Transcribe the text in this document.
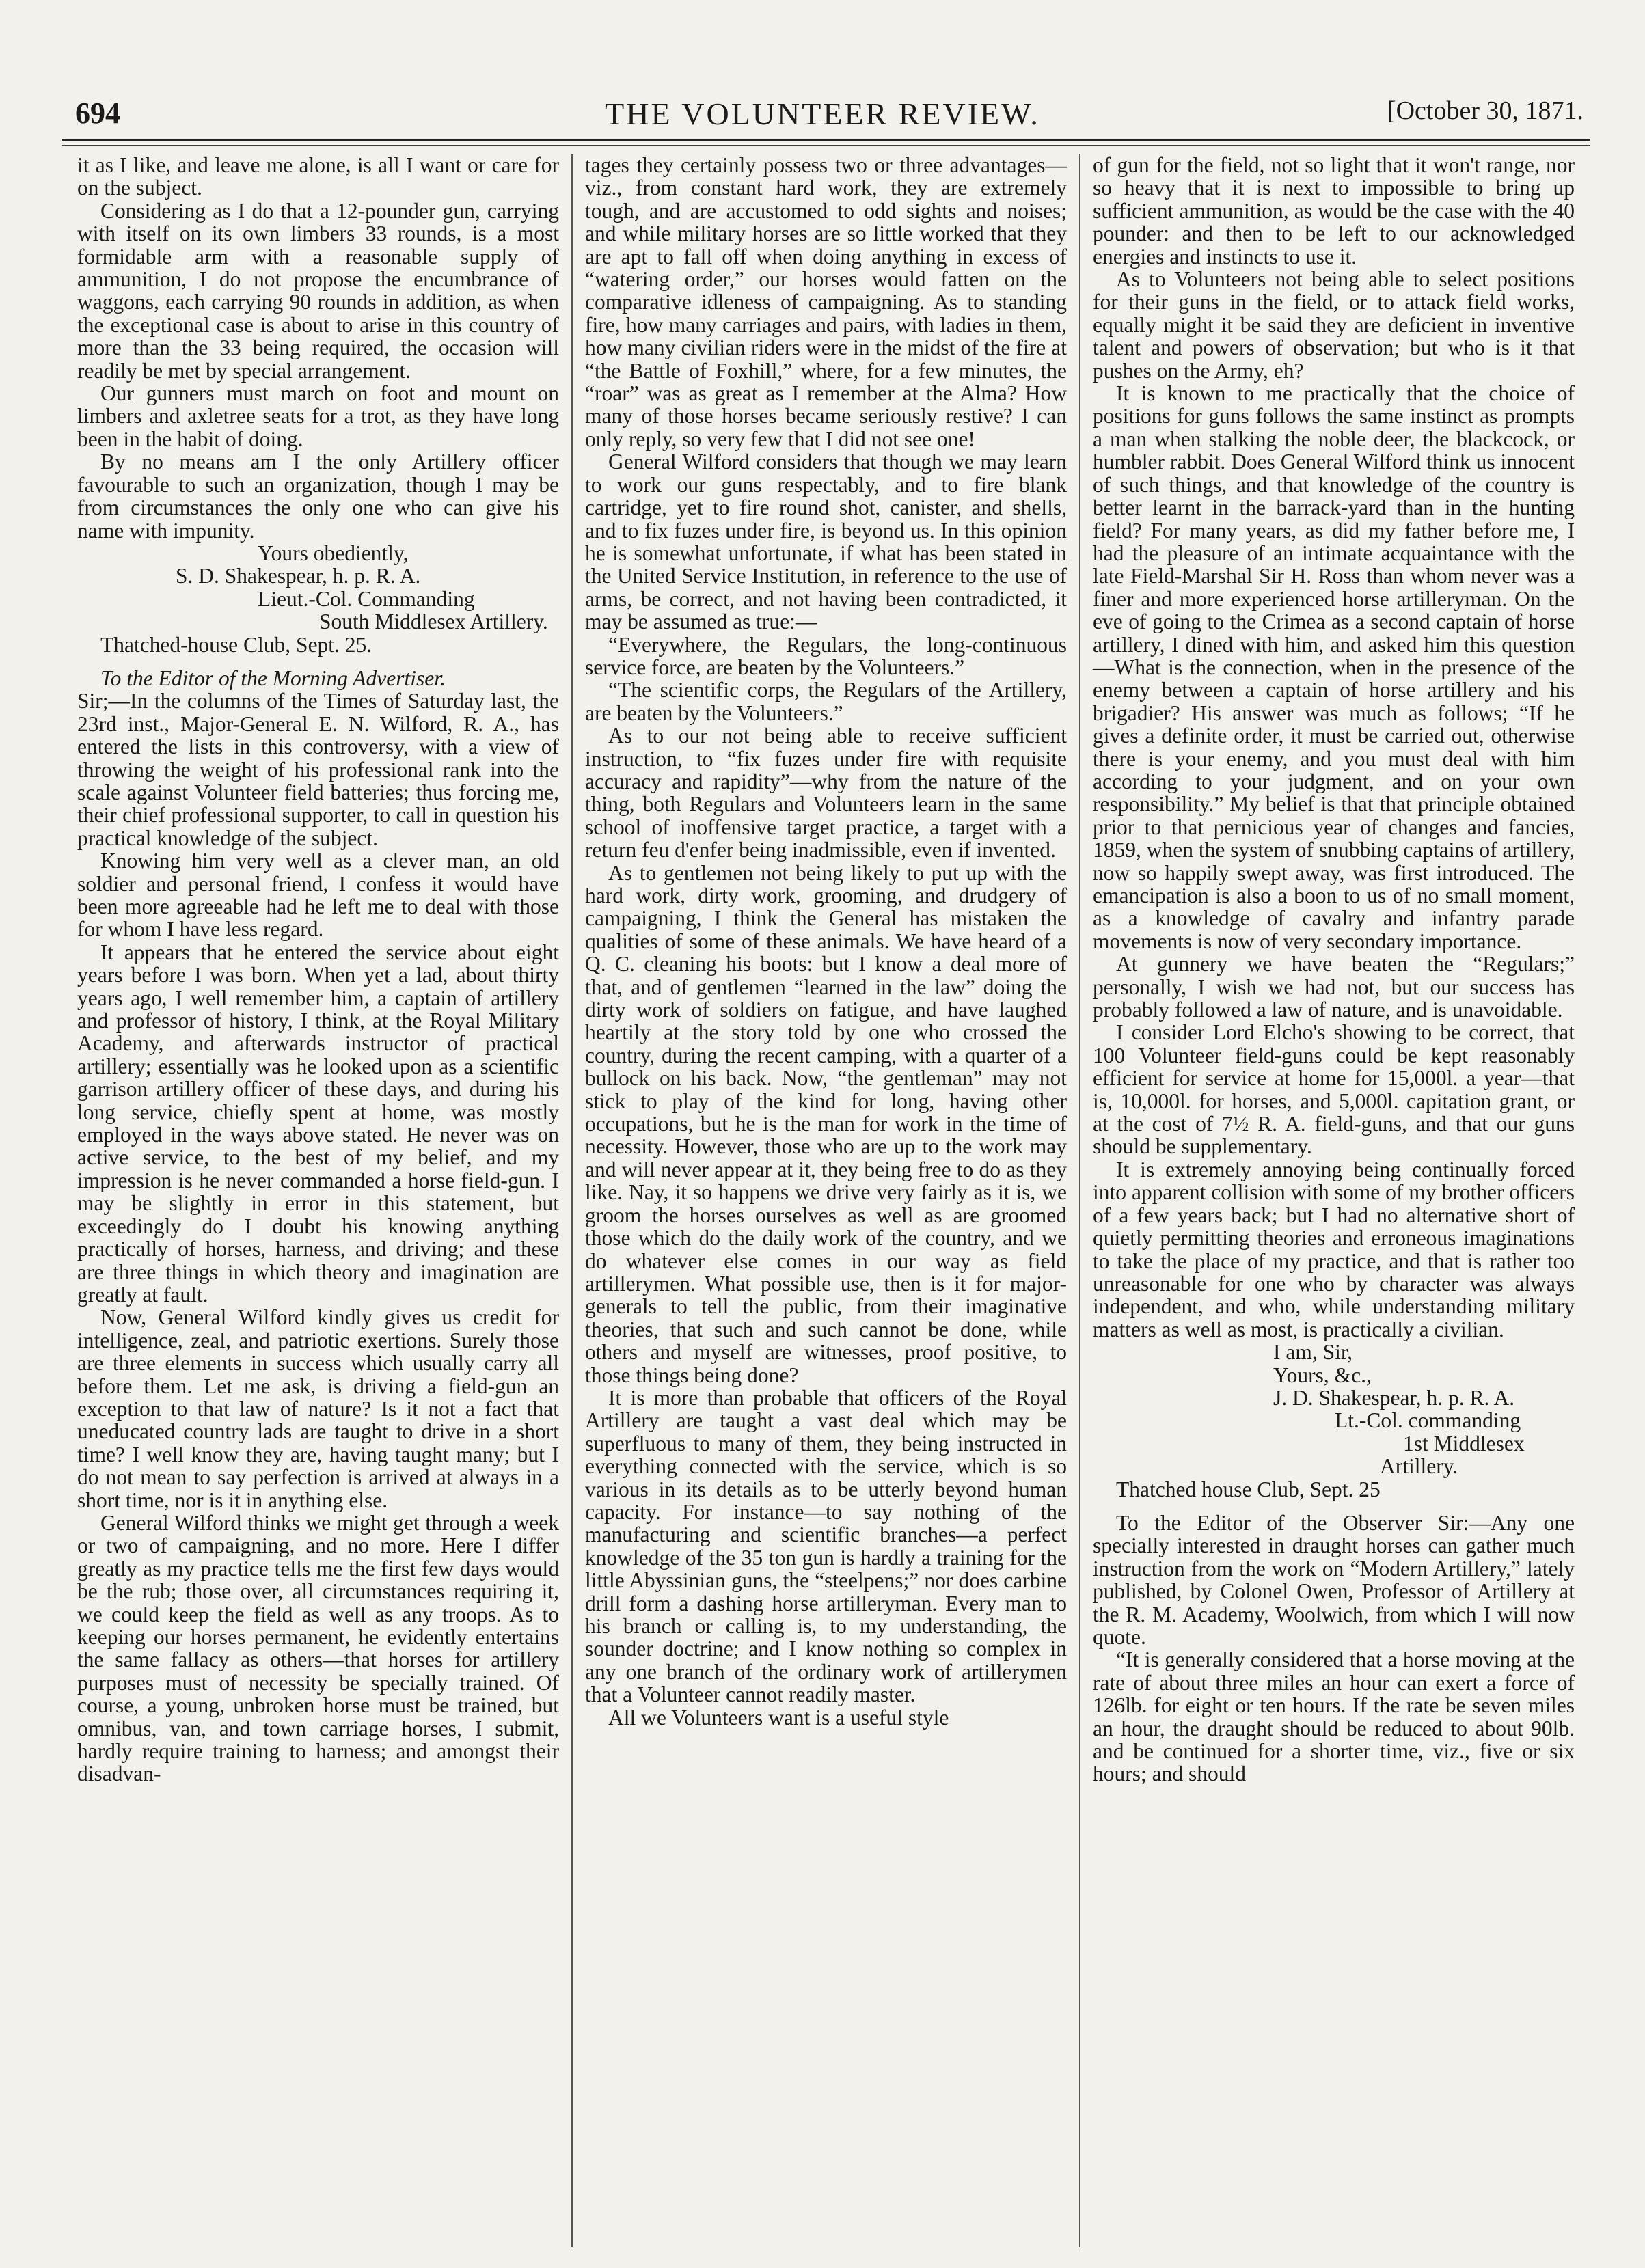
694	THE VOLUNTEER REVIEW.	[October 30, 1871.

it as I like, and leave me alone, is all I want or care for on the subject.

Considering as I do that a 12-pounder gun, carrying with itself on its own limbers 33 rounds, is a most formidable arm with a reasonable supply of ammunition, I do not propose the encumbrance of waggons, each carrying 90 rounds in addition, as when the exceptional case is about to arise in this country of more than the 33 being required, the occasion will readily be met by special arrangement.

Our gunners must march on foot and mount on limbers and axletree seats for a trot, as they have long been in the habit of doing.

By no means am I the only Artillery officer favourable to such an organization, though I may be from circumstances the only one who can give his name with impunity.

Yours obediently,

S. D. Shakespear, h. p. R. A.

Lieut.-Col. Commanding

South Middlesex Artillery.

Thatched-house Club, Sept. 25.

To the Editor of the Morning Advertiser.

Sir;—In the columns of the Times of Saturday last, the 23rd inst., Major-General E. N. Wilford, R. A., has entered the lists in this controversy, with a view of throwing the weight of his professional rank into the scale against Volunteer field batteries; thus forcing me, their chief professional supporter, to call in question his practical knowledge of the subject.

Knowing him very well as a clever man, an old soldier and personal friend, I confess it would have been more agreeable had he left me to deal with those for whom I have less regard.

It appears that he entered the service about eight years before I was born. When yet a lad, about thirty years ago, I well remember him, a captain of artillery and professor of history, I think, at the Royal Military Academy, and afterwards instructor of practical artillery; essentially was he looked upon as a scientific garrison artillery officer of these days, and during his long service, chiefly spent at home, was mostly employed in the ways above stated. He never was on active service, to the best of my belief, and my impression is he never commanded a horse field-gun. I may be slightly in error in this statement, but exceedingly do I doubt his knowing anything practically of horses, harness, and driving; and these are three things in which theory and imagination are greatly at fault.

Now, General Wilford kindly gives us credit for intelligence, zeal, and patriotic exertions. Surely those are three elements in success which usually carry all before them. Let me ask, is driving a field-gun an exception to that law of nature? Is it not a fact that uneducated country lads are taught to drive in a short time? I well know they are, having taught many; but I do not mean to say perfection is arrived at always in a short time, nor is it in anything else.

General Wilford thinks we might get through a week or two of campaigning, and no more. Here I differ greatly as my practice tells me the first few days would be the rub; those over, all circumstances requiring it, we could keep the field as well as any troops. As to keeping our horses permanent, he evidently entertains the same fallacy as others—that horses for artillery purposes must of necessity be specially trained. Of course, a young, unbroken horse must be trained, but omnibus, van, and town carriage horses, I submit, hardly require training to harness; and amongst their disadvan-

tages they certainly possess two or three advantages—viz., from constant hard work, they are extremely tough, and are accustomed to odd sights and noises; and while military horses are so little worked that they are apt to fall off when doing anything in excess of “watering order,” our horses would fatten on the comparative idleness of campaigning. As to standing fire, how many carriages and pairs, with ladies in them, how many civilian riders were in the midst of the fire at “the Battle of Foxhill,” where, for a few minutes, the “roar” was as great as I remember at the Alma? How many of those horses became seriously restive? I can only reply, so very few that I did not see one!

General Wilford considers that though we may learn to work our guns respectably, and to fire blank cartridge, yet to fire round shot, canister, and shells, and to fix fuzes under fire, is beyond us. In this opinion he is somewhat unfortunate, if what has been stated in the United Service Institution, in reference to the use of arms, be correct, and not having been contradicted, it may be assumed as true:—

“Everywhere, the Regulars, the long-continuous service force, are beaten by the Volunteers.”

“The scientific corps, the Regulars of the Artillery, are beaten by the Volunteers.”

As to our not being able to receive sufficient instruction, to “fix fuzes under fire with requisite accuracy and rapidity”—why from the nature of the thing, both Regulars and Volunteers learn in the same school of inoffensive target practice, a target with a return feu d'enfer being inadmissible, even if invented.

As to gentlemen not being likely to put up with the hard work, dirty work, grooming, and drudgery of campaigning, I think the General has mistaken the qualities of some of these animals. We have heard of a Q. C. cleaning his boots: but I know a deal more of that, and of gentlemen “learned in the law” doing the dirty work of soldiers on fatigue, and have laughed heartily at the story told by one who crossed the country, during the recent camping, with a quarter of a bullock on his back. Now, “the gentleman” may not stick to play of the kind for long, having other occupations, but he is the man for work in the time of necessity. However, those who are up to the work may and will never appear at it, they being free to do as they like. Nay, it so happens we drive very fairly as it is, we groom the horses ourselves as well as are groomed those which do the daily work of the country, and we do whatever else comes in our way as field artillerymen. What possible use, then is it for major-generals to tell the public, from their imaginative theories, that such and such cannot be done, while others and myself are witnesses, proof positive, to those things being done?

It is more than probable that officers of the Royal Artillery are taught a vast deal which may be superfluous to many of them, they being instructed in everything connected with the service, which is so various in its details as to be utterly beyond human capacity. For instance—to say nothing of the manufacturing and scientific branches—a perfect knowledge of the 35 ton gun is hardly a training for the little Abyssinian guns, the “steelpens;” nor does carbine drill form a dashing horse artilleryman. Every man to his branch or calling is, to my understanding, the sounder doctrine; and I know nothing so complex in any one branch of the ordinary work of artillerymen that a Volunteer cannot readily master.

All we Volunteers want is a useful style

of gun for the field, not so light that it won't range, nor so heavy that it is next to impossible to bring up sufficient ammunition, as would be the case with the 40 pounder: and then to be left to our acknowledged energies and instincts to use it.

As to Volunteers not being able to select positions for their guns in the field, or to attack field works, equally might it be said they are deficient in inventive talent and powers of observation; but who is it that pushes on the Army, eh?

It is known to me practically that the choice of positions for guns follows the same instinct as prompts a man when stalking the noble deer, the blackcock, or humbler rabbit. Does General Wilford think us innocent of such things, and that knowledge of the country is better learnt in the barrack-yard than in the hunting field? For many years, as did my father before me, I had the pleasure of an intimate acquaintance with the late Field-Marshal Sir H. Ross than whom never was a finer and more experienced horse artilleryman. On the eve of going to the Crimea as a second captain of horse artillery, I dined with him, and asked him this question—What is the connection, when in the presence of the enemy between a captain of horse artillery and his brigadier? His answer was much as follows; “If he gives a definite order, it must be carried out, otherwise there is your enemy, and you must deal with him according to your judgment, and on your own responsibility.” My belief is that that principle obtained prior to that pernicious year of changes and fancies, 1859, when the system of snubbing captains of artillery, now so happily swept away, was first introduced. The emancipation is also a boon to us of no small moment, as a knowledge of cavalry and infantry parade movements is now of very secondary importance.

At gunnery we have beaten the “Regulars;” personally, I wish we had not, but our success has probably followed a law of nature, and is unavoidable.

I consider Lord Elcho's showing to be correct, that 100 Volunteer field-guns could be kept reasonably efficient for service at home for 15,000l. a year—that is, 10,000l. for horses, and 5,000l. capitation grant, or at the cost of 7½ R. A. field-guns, and that our guns should be supplementary.

It is extremely annoying being continually forced into apparent collision with some of my brother officers of a few years back; but I had no alternative short of quietly permitting theories and erroneous imaginations to take the place of my practice, and that is rather too unreasonable for one who by character was always independent, and who, while understanding military matters as well as most, is practically a civilian.

I am, Sir,

Yours, &c.,

J. D. Shakespear, h. p. R. A.

Lt.-Col. commanding

1st Middlesex Artillery.

Thatched house Club, Sept. 25

To the Editor of the Observer Sir:—Any one specially interested in draught horses can gather much instruction from the work on “Modern Artillery,” lately published, by Colonel Owen, Professor of Artillery at the R. M. Academy, Woolwich, from which I will now quote.

“It is generally considered that a horse moving at the rate of about three miles an hour can exert a force of 126lb. for eight or ten hours. If the rate be seven miles an hour, the draught should be reduced to about 90lb. and be continued for a shorter time, viz., five or six hours; and should
